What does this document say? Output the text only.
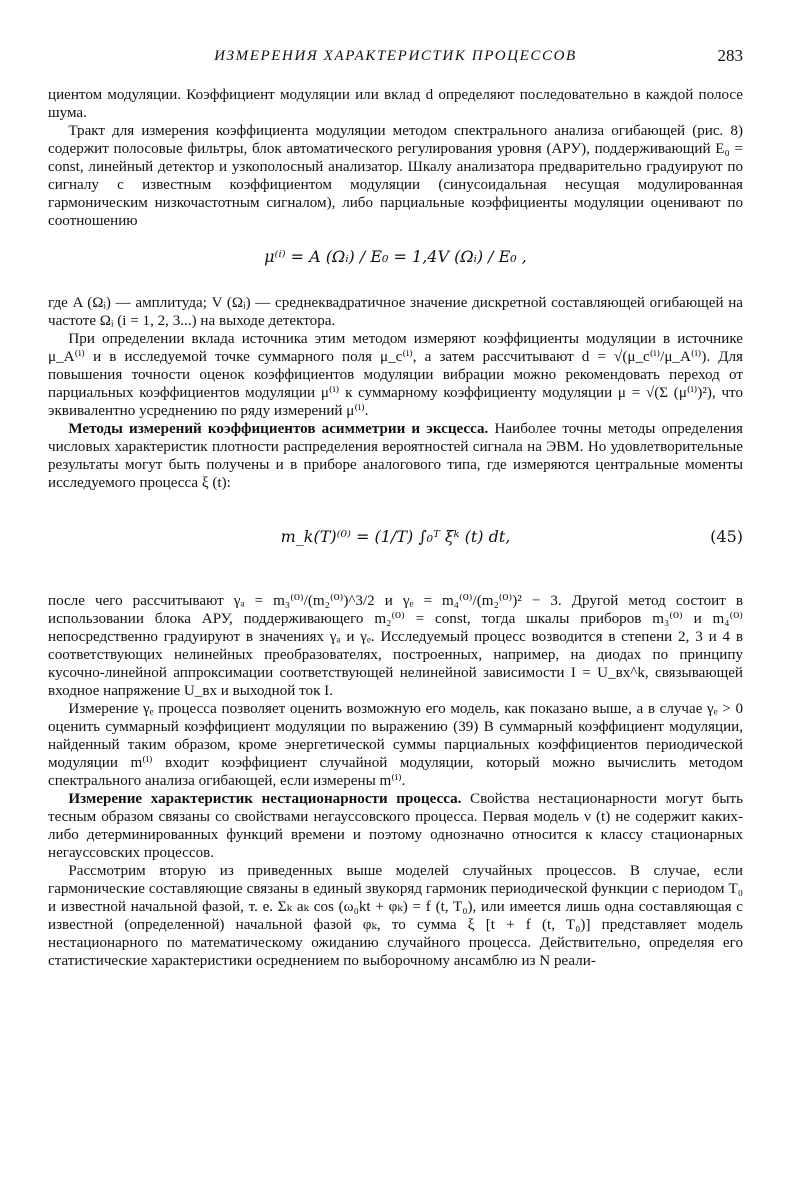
ИЗМЕРЕНИЯ ХАРАКТЕРИСТИК ПРОЦЕССОВ	283

циентом модуляции. Коэффициент модуляции или вклад d определяют последовательно в каждой полосе шума.

Тракт для измерения коэффициента модуляции методом спектрального анализа огибающей (рис. 8) содержит полосовые фильтры, блок автоматического регулирования уровня (АРУ), поддерживающий E₀ = const, линейный детектор и узкополосный анализатор. Шкалу анализатора предварительно градуируют по сигналу с известным коэффициентом модуляции (синусоидальная несущая модулированная гармоническим низкочастотным сигналом), либо парциальные коэффициенты модуляции оценивают по соотношению

μ⁽ⁱ⁾ = A (Ωᵢ) / E₀ = 1,4V (Ωᵢ) / E₀ ,

где A (Ωᵢ) — амплитуда; V (Ωᵢ) — среднеквадратичное значение дискретной составляющей огибающей на частоте Ωᵢ (i = 1, 2, 3...) на выходе детектора.

При определении вклада источника этим методом измеряют коэффициенты модуляции в источнике μ_A⁽ⁱ⁾ и в исследуемой точке суммарного поля μ_c⁽ⁱ⁾, а затем рассчитывают d = √(μ_c⁽ⁱ⁾/μ_A⁽ⁱ⁾). Для повышения точности оценок коэффициентов модуляции вибрации можно рекомендовать переход от парциальных коэффициентов модуляции μ⁽ⁱ⁾ к суммарному коэффициенту модуляции μ = √(Σ (μ⁽ⁱ⁾)²), что эквивалентно усреднению по ряду измерений μ⁽ⁱ⁾.

Методы измерений коэффициентов асимметрии и эксцесса. Наиболее точны методы определения числовых характеристик плотности распределения вероятностей сигнала на ЭВМ. Но удовлетворительные результаты могут быть получены и в приборе аналогового типа, где измеряются центральные моменты исследуемого процесса ξ (t):

m_k(T)⁽⁰⁾ = (1/T) ∫₀ᵀ ξᵏ (t) dt,	(45)

после чего рассчитывают γₐ = m₃⁽⁰⁾/(m₂⁽⁰⁾)^3/2 и γₑ = m₄⁽⁰⁾/(m₂⁽⁰⁾)² − 3. Другой метод состоит в использовании блока АРУ, поддерживающего m₂⁽⁰⁾ = const, тогда шкалы приборов m₃⁽⁰⁾ и m₄⁽⁰⁾ непосредственно градуируют в значениях γₐ и γₑ. Исследуемый процесс возводится в степени 2, 3 и 4 в соответствующих нелинейных преобразователях, построенных, например, на диодах по принципу кусочно-линейной аппроксимации соответствующей нелинейной зависимости I = U_вх^k, связывающей входное напряжение U_вх и выходной ток I.

Измерение γₑ процесса позволяет оценить возможную его модель, как показано выше, а в случае γₑ > 0 оценить суммарный коэффициент модуляции по выражению (39) В суммарный коэффициент модуляции, найденный таким образом, кроме энергетической суммы парциальных коэффициентов периодической модуляции m⁽ⁱ⁾ входит коэффициент случайной модуляции, который можно вычислить методом спектрального анализа огибающей, если измерены m⁽ⁱ⁾.

Измерение характеристик нестационарности процесса. Свойства нестационарности могут быть тесным образом связаны со свойствами негауссовского процесса. Первая модель ν (t) не содержит каких-либо детерминированных функций времени и поэтому однозначно относится к классу стационарных негауссовских процессов.

Рассмотрим вторую из приведенных выше моделей случайных процессов. В случае, если гармонические составляющие связаны в единый звукоряд гармоник периодической функции с периодом T₀ и известной начальной фазой, т. е. Σₖ aₖ cos (ω₀kt + φₖ) = f (t, T₀), или имеется лишь одна составляющая с известной (определенной) начальной фазой φₖ, то сумма ξ [t + f (t, T₀)] представляет модель нестационарного по математическому ожиданию случайного процесса. Действительно, определяя его статистические характеристики осреднением по выборочному ансамблю из N реали-
